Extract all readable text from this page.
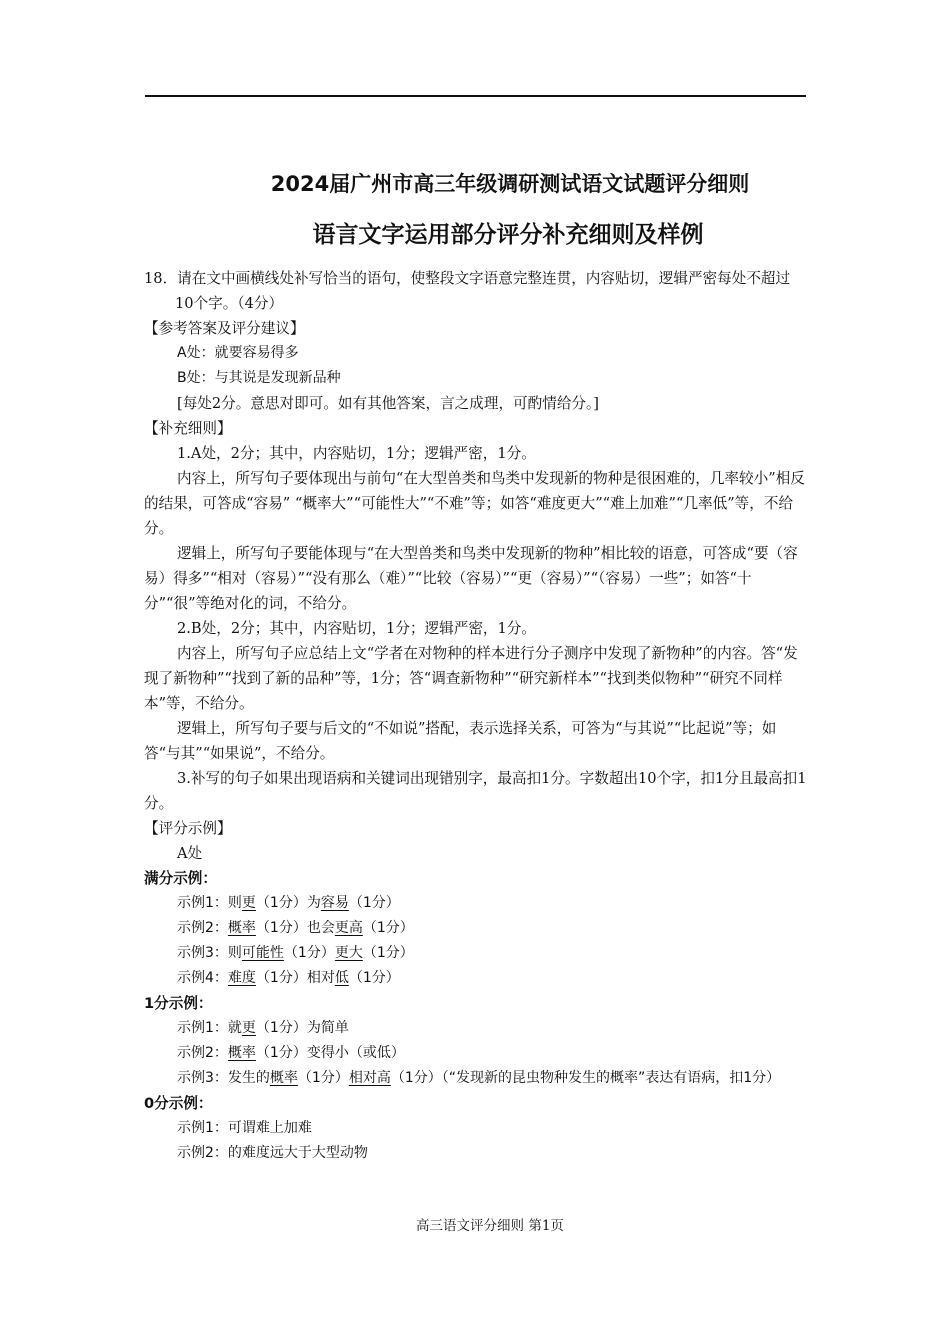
2024届广州市高三年级调研测试语文试题评分细则
语言文字运用部分评分补充细则及样例

18．请在文中画横线处补写恰当的语句，使整段文字语意完整连贯，内容贴切，逻辑严密每处不超过10个字。（4分）

【参考答案及评分建议】

A处：就要容易得多

B处：与其说是发现新品种

[每处2分。意思对即可。如有其他答案，言之成理，可酌情给分。]

【补充细则】

1.A处，2分；其中，内容贴切，1分；逻辑严密，1分。

内容上，所写句子要体现出与前句“在大型兽类和鸟类中发现新的物种是很困难的，几率较小”相反的结果，可答成“容易” “概率大”“可能性大”“不难”等；如答“难度更大”“难上加难”“几率低”等，不给分。

逻辑上，所写句子要能体现与“在大型兽类和鸟类中发现新的物种”相比较的语意，可答成“要（容易）得多”“相对（容易）”“没有那么（难）”“比较（容易）”“更（容易）”“（容易）一些”；如答“十分”“很”等绝对化的词，不给分。

2.B处，2分；其中，内容贴切，1分；逻辑严密，1分。

内容上，所写句子应总结上文“学者在对物种的样本进行分子测序中发现了新物种”的内容。答“发现了新物种”“找到了新的品种”等，1分；答“调查新物种”“研究新样本”“找到类似物种”“研究不同样本”等，不给分。

逻辑上，所写句子要与后文的“不如说”搭配，表示选择关系，可答为“与其说”“比起说”等；如答“与其”“如果说”，不给分。

3.补写的句子如果出现语病和关键词出现错别字，最高扣1分。字数超出10个字，扣1分且最高扣1分。

【评分示例】

A处

满分示例：

示例1：则更（1分）为容易（1分）

示例2：概率（1分）也会更高（1分）

示例3：则可能性（1分）更大（1分）

示例4：难度（1分）相对低（1分）

1分示例：

示例1：就更（1分）为简单

示例2：概率（1分）变得小（或低）

示例3：发生的概率（1分）相对高（1分）（“发现新的昆虫物种发生的概率”表达有语病，扣1分）

0分示例：

示例1：可谓难上加难

示例2：的难度远大于大型动物

高三语文评分细则 第1页
